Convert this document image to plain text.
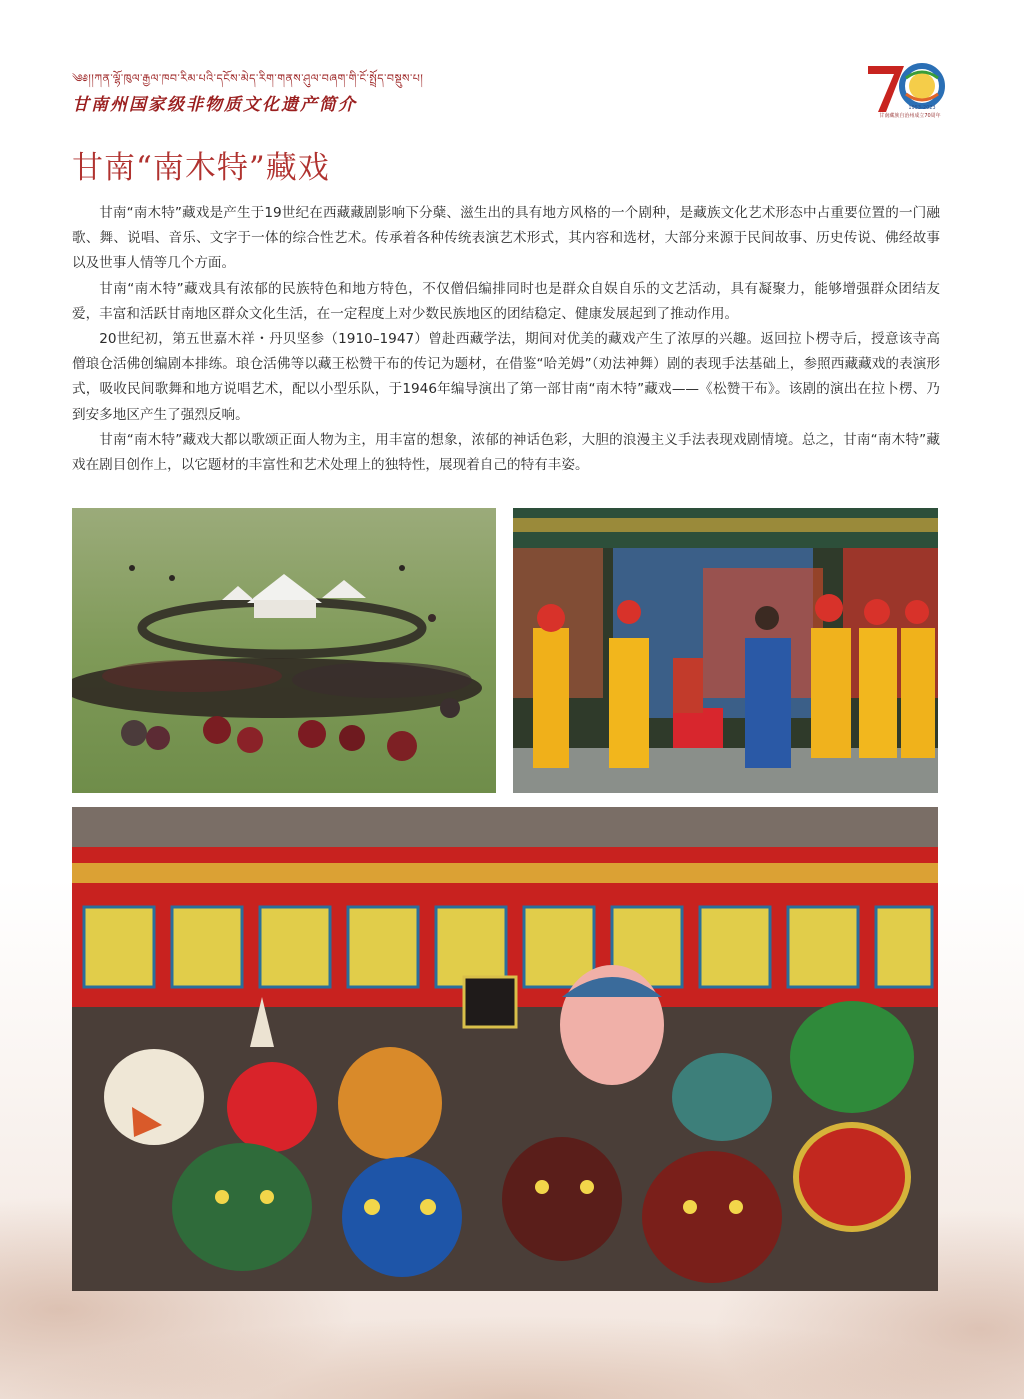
༄༅།།ཀན་ལྷོ་ཁུལ་རྒྱལ་ཁབ་རིམ་པའི་དངོས་མེད་རིག་གནས་ཤུལ་བཞག་གི་ངོ་སྤྲོད་བསྡུས་པ།
甘南州国家级非物质文化遗产简介	1953-2023
甘南藏族自治州成立70周年
甘南“南木特”藏戏

甘南“南木特”藏戏是产生于19世纪在西藏藏剧影响下分蘖、滋生出的具有地方风格的一个剧种，是藏族文化艺术形态中占重要位置的一门融歌、舞、说唱、音乐、文字于一体的综合性艺术。传承着各种传统表演艺术形式，其内容和选材，大部分来源于民间故事、历史传说、佛经故事以及世事人情等几个方面。

甘南“南木特”藏戏具有浓郁的民族特色和地方特色，不仅僧侣编排同时也是群众自娱自乐的文艺活动，具有凝聚力，能够增强群众团结友爱，丰富和活跃甘南地区群众文化生活，在一定程度上对少数民族地区的团结稳定、健康发展起到了推动作用。

20世纪初，第五世嘉木祥・丹贝坚参（1910–1947）曾赴西藏学法，期间对优美的藏戏产生了浓厚的兴趣。返回拉卜楞寺后，授意该寺高僧琅仓活佛创编剧本排练。琅仓活佛等以藏王松赞干布的传记为题材，在借鉴“哈羌姆”（劝法神舞）剧的表现手法基础上，参照西藏藏戏的表演形式，吸收民间歌舞和地方说唱艺术，配以小型乐队，于1946年编导演出了第一部甘南“南木特”藏戏——《松赞干布》。该剧的演出在拉卜楞、乃到安多地区产生了强烈反响。

甘南“南木特”藏戏大都以歌颂正面人物为主，用丰富的想象，浓郁的神话色彩，大胆的浪漫主义手法表现戏剧情境。总之，甘南“南木特”藏戏在剧目创作上，以它题材的丰富性和艺术处理上的独特性，展现着自己的特有丰姿。
